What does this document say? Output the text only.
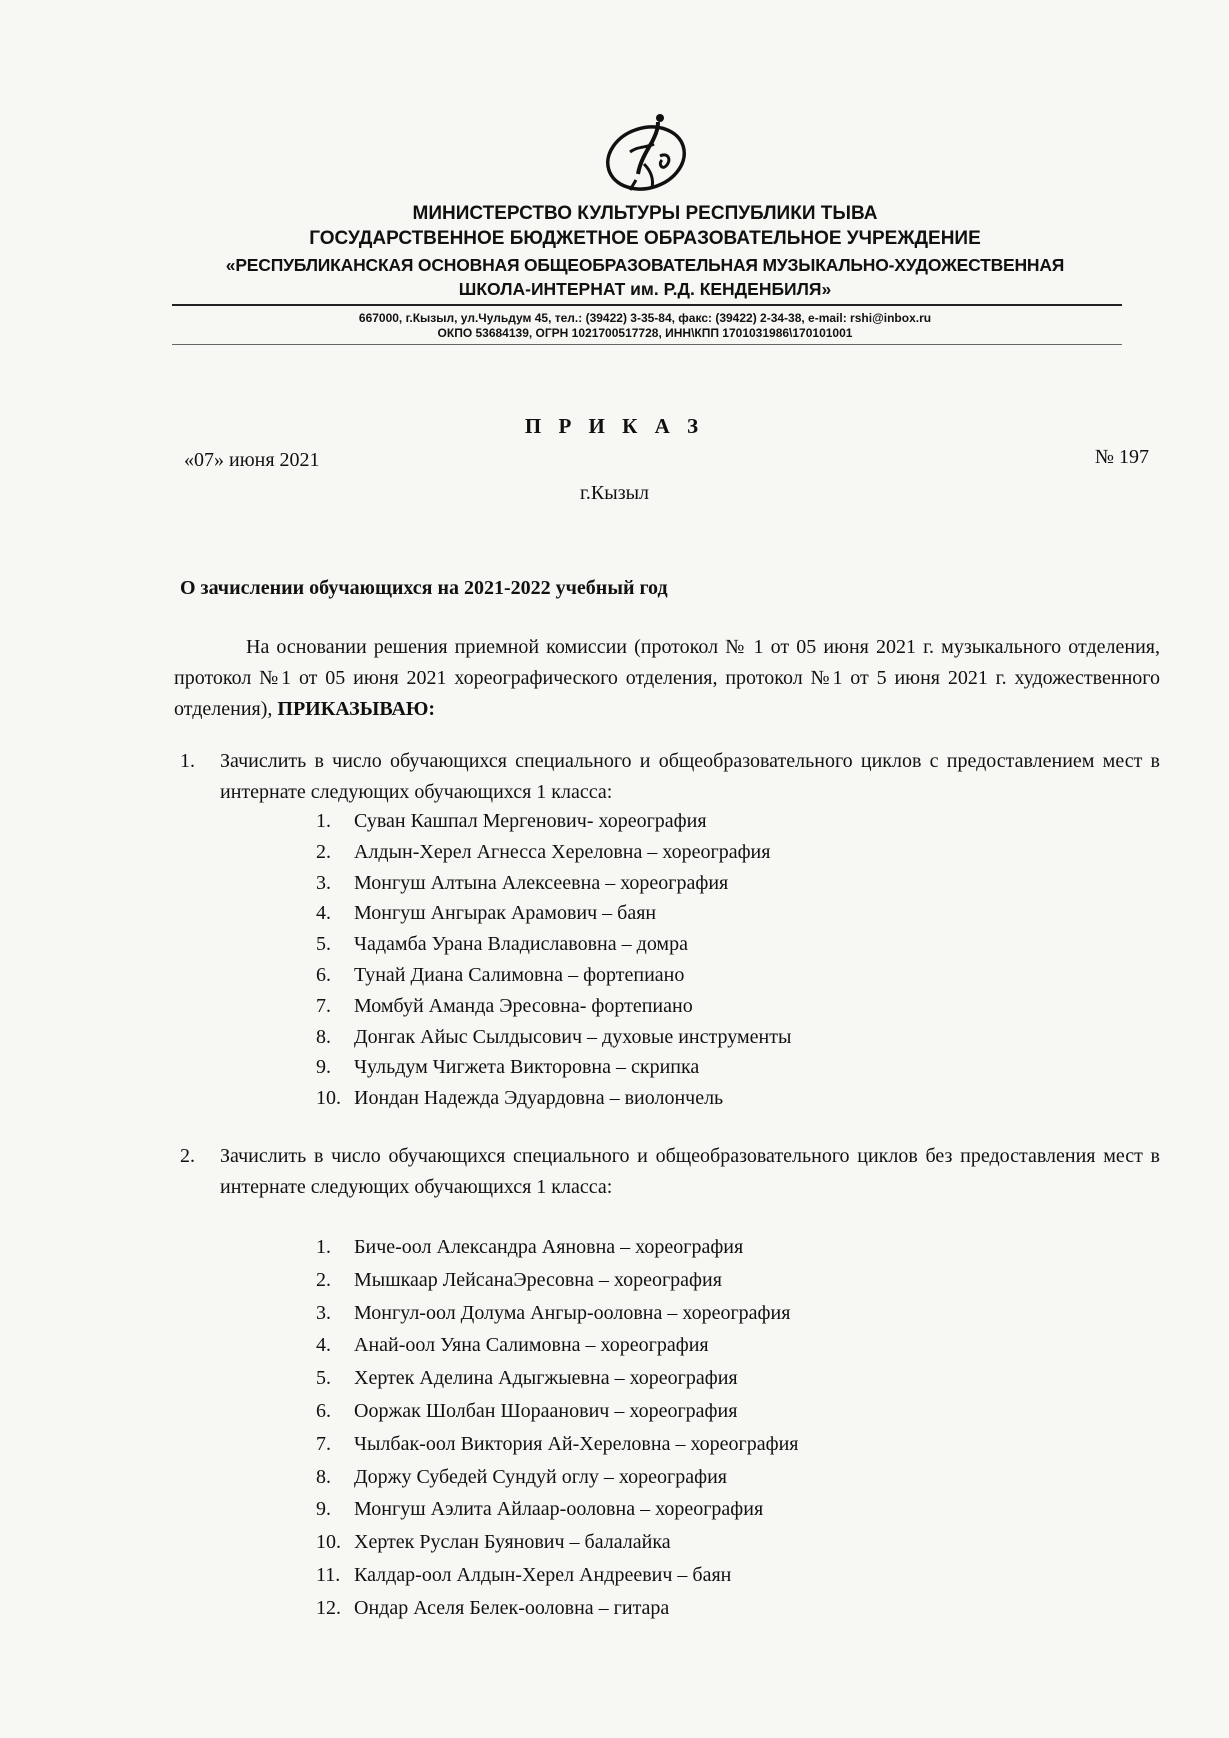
МИНИСТЕРСТВО КУЛЬТУРЫ РЕСПУБЛИКИ ТЫВА
ГОСУДАРСТВЕННОЕ БЮДЖЕТНОЕ ОБРАЗОВАТЕЛЬНОЕ УЧРЕЖДЕНИЕ
«РЕСПУБЛИКАНСКАЯ ОСНОВНАЯ ОБЩЕОБРАЗОВАТЕЛЬНАЯ МУЗЫКАЛЬНО-ХУДОЖЕСТВЕННАЯ
ШКОЛА-ИНТЕРНАТ им. Р.Д. КЕНДЕНБИЛЯ»
667000, г.Кызыл, ул.Чульдум 45, тел.: (39422) 3-35-84, факс: (39422) 2-34-38, e-mail: rshi@inbox.ru
ОКПО 53684139, ОГРН 1021700517728, ИНН\КПП 1701031986\170101001
П Р И К А З
«07» июня 2021	№ 197
г.Кызыл
О зачислении обучающихся на 2021-2022 учебный год
На основании решения приемной комиссии (протокол № 1 от 05 июня 2021 г. музыкального отделения, протокол №1 от 05 июня 2021 хореографического отделения, протокол №1 от 5 июня 2021 г. художественного отделения), ПРИКАЗЫВАЮ:
1.	Зачислить в число обучающихся специального и общеобразовательного циклов с предоставлением мест в интернате следующих обучающихся 1 класса:
1. Суван Кашпал Мергенович- хореография
2. Алдын-Херел Агнесса Хереловна – хореография
3. Монгуш Алтына Алексеевна – хореография
4. Монгуш Ангырак Арамович – баян
5. Чадамба Урана Владиславовна – домра
6. Тунай Диана Салимовна – фортепиано
7. Момбуй Аманда Эресовна- фортепиано
8. Донгак Айыс Сылдысович – духовые инструменты
9. Чульдум Чигжета Викторовна – скрипка
10. Иондан Надежда Эдуардовна – виолончель
2.	Зачислить в число обучающихся специального и общеобразовательного циклов без предоставления мест в интернате следующих обучающихся 1 класса:
1. Биче-оол Александра Аяновна – хореография
2. Мышкаар ЛейсанаЭресовна – хореография
3. Монгул-оол Долума Ангыр-ооловна – хореография
4. Анай-оол Уяна Салимовна – хореография
5. Хертек Аделина Адыгжыевна – хореография
6. Ооржак Шолбан Шораанович – хореография
7. Чылбак-оол Виктория Ай-Хереловна – хореография
8. Доржу Субедей Сундуй оглу – хореография
9. Монгуш Аэлита Айлаар-ооловна – хореография
10. Хертек Руслан Буянович – балалайка
11. Калдар-оол Алдын-Херел Андреевич – баян
12. Ондар Аселя Белек-ооловна – гитара
